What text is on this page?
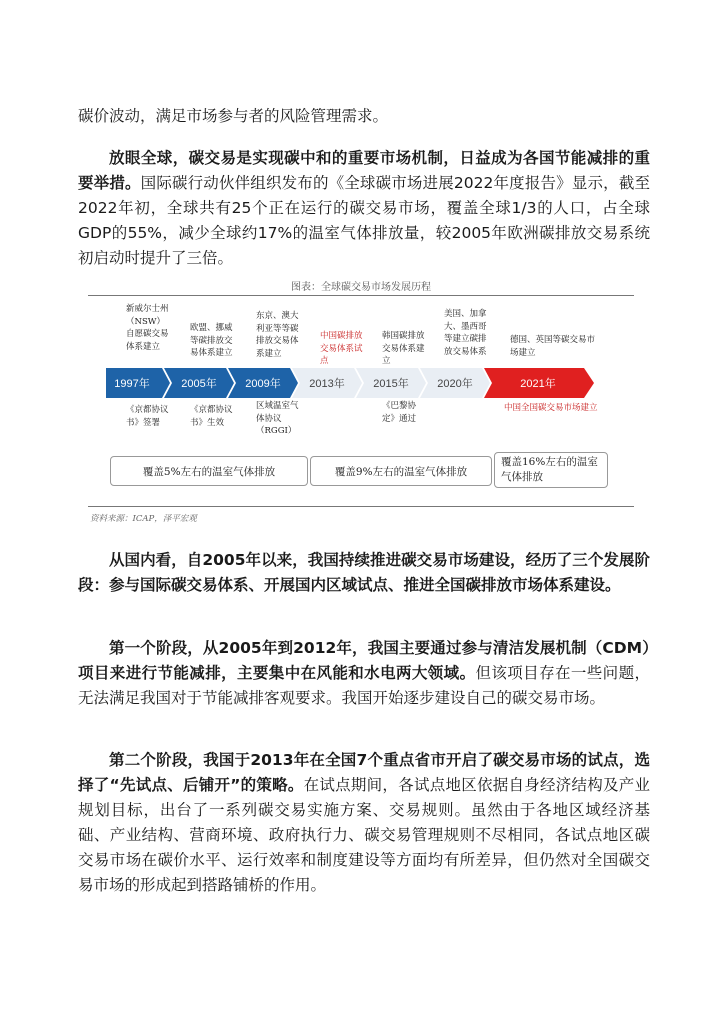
碳价波动，满足市场参与者的风险管理需求。

放眼全球，碳交易是实现碳中和的重要市场机制，日益成为各国节能减排的重要举措。国际碳行动伙伴组织发布的《全球碳市场进展2022年度报告》显示，截至2022年初，全球共有25个正在运行的碳交易市场，覆盖全球1/3的人口，占全球GDP的55%，减少全球约17%的温室气体排放量，较2005年欧洲碳排放交易系统初启动时提升了三倍。

图表：全球碳交易市场发展历程
新威尔士州（NSW）自愿碳交易体系建立
欧盟、挪威等碳排放交易体系建立
东京、澳大利亚等等碳排放交易体系建立
中国碳排放交易体系试点
韩国碳排放交易体系建立
美国、加拿大、墨西哥等建立碳排放交易体系
德国、英国等碳交易市场建立
1997年	2005年	2009年	2013年	2015年	2020年	2021年
《京都协议书》签署
《京都协议书》生效
区域温室气体协议（RGGI）
《巴黎协定》通过
中国全国碳交易市场建立
覆盖5%左右的温室气体排放	覆盖9%左右的温室气体排放
覆盖16%左右的温室气体排放
资料来源：ICAP，泽平宏观

从国内看，自2005年以来，我国持续推进碳交易市场建设，经历了三个发展阶段：参与国际碳交易体系、开展国内区域试点、推进全国碳排放市场体系建设。

第一个阶段，从2005年到2012年，我国主要通过参与清洁发展机制（CDM）项目来进行节能减排，主要集中在风能和水电两大领域。但该项目存在一些问题，无法满足我国对于节能减排客观要求。我国开始逐步建设自己的碳交易市场。

第二个阶段，我国于2013年在全国7个重点省市开启了碳交易市场的试点，选择了“先试点、后铺开”的策略。在试点期间，各试点地区依据自身经济结构及产业规划目标，出台了一系列碳交易实施方案、交易规则。虽然由于各地区域经济基础、产业结构、营商环境、政府执行力、碳交易管理规则不尽相同，各试点地区碳交易市场在碳价水平、运行效率和制度建设等方面均有所差异，但仍然对全国碳交易市场的形成起到搭路铺桥的作用。
